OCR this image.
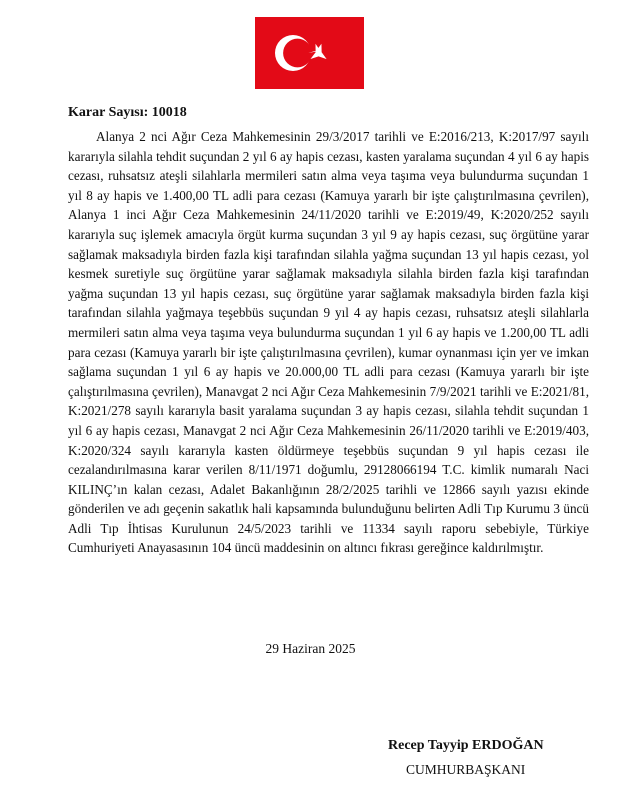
Karar Sayısı: 10018

Alanya 2 nci Ağır Ceza Mahkemesinin 29/3/2017 tarihli ve E:2016/213, K:2017/97 sayılı kararıyla silahla tehdit suçundan 2 yıl 6 ay hapis cezası, kasten yaralama suçundan 4 yıl 6 ay hapis cezası, ruhsatsız ateşli silahlarla mermileri satın alma veya taşıma veya bulundurma suçundan 1 yıl 8 ay hapis ve 1.400,00 TL adli para cezası (Kamuya yararlı bir işte çalıştırılmasına çevrilen), Alanya 1 inci Ağır Ceza Mahkemesinin 24/11/2020 tarihli ve E:2019/49, K:2020/252 sayılı kararıyla suç işlemek amacıyla örgüt kurma suçundan 3 yıl 9 ay hapis cezası, suç örgütüne yarar sağlamak maksadıyla birden fazla kişi tarafından silahla yağma suçundan 13 yıl hapis cezası, yol kesmek suretiyle suç örgütüne yarar sağlamak maksadıyla silahla birden fazla kişi tarafından yağma suçundan 13 yıl hapis cezası, suç örgütüne yarar sağlamak maksadıyla birden fazla kişi tarafından silahla yağmaya teşebbüs suçundan 9 yıl 4 ay hapis cezası, ruhsatsız ateşli silahlarla mermileri satın alma veya taşıma veya bulundurma suçundan 1 yıl 6 ay hapis ve 1.200,00 TL adli para cezası (Kamuya yararlı bir işte çalıştırılmasına çevrilen), kumar oynanması için yer ve imkan sağlama suçundan 1 yıl 6 ay hapis ve 20.000,00 TL adli para cezası (Kamuya yararlı bir işte çalıştırılmasına çevrilen), Manavgat 2 nci Ağır Ceza Mahkemesinin 7/9/2021 tarihli ve E:2021/81, K:2021/278 sayılı kararıyla basit yaralama suçundan 3 ay hapis cezası, silahla tehdit suçundan 1 yıl 6 ay hapis cezası, Manavgat 2 nci Ağır Ceza Mahkemesinin 26/11/2020 tarihli ve E:2019/403, K:2020/324 sayılı kararıyla kasten öldürmeye teşebbüs suçundan 9 yıl hapis cezası ile cezalandırılmasına karar verilen 8/11/1971 doğumlu, 29128066194 T.C. kimlik numaralı Naci KILINÇ’ın kalan cezası, Adalet Bakanlığının 28/2/2025 tarihli ve 12866 sayılı yazısı ekinde gönderilen ve adı geçenin sakatlık hali kapsamında bulunduğunu belirten Adli Tıp Kurumu 3 üncü Adli Tıp İhtisas Kurulunun 24/5/2023 tarihli ve 11334 sayılı raporu sebebiyle, Türkiye Cumhuriyeti Anayasasının 104 üncü maddesinin on altıncı fıkrası gereğince kaldırılmıştır.

29 Haziran 2025
Recep Tayyip ERDOĞAN
CUMHURBAŞKANI
